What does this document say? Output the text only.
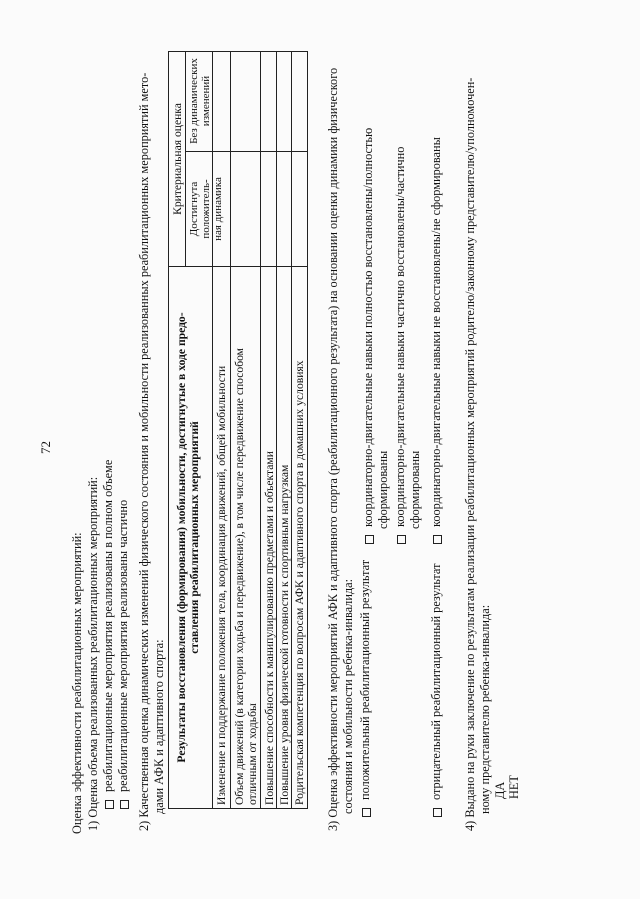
72
Оценка эффективности реабилитационных мероприятий: 1) Оценка объема реализованных реабилитационных мероприятий: реабилитационные мероприятия реализованы в полном объеме реабилитационные мероприятия реализованы частично 2) Качественная оценка динамических изменений физического состояния и мобильности реализованных реабилитационных мероприятий мето- дами АФК и адаптивного спорта: Результаты восстановления (формирования) мобильности, достигнутые в ходе предо- ставления реабилитационных мероприятий
Критериальная оценка Достигнута положитель- ная динамика
Без динамических изменений
Изменение и поддержание положения тела, координация движений, общей мобильности Объем движений (в категории ходьба и передвижение), в том числе передвижение способом отличным от ходьбы Повышение способности к манипулированию предметами и объектами Повышение уровня физической готовности к спортивным нагрузкам Родительская компетенция по вопросам АФК и адаптивного спорта в домашних условиях 3) Оценка эффективности мероприятий АФК и адаптивного спорта (реабилитационного результата) на основании оценки динамики физического состояния и мобильности ребенка-инвалида: положительный реабилитационный результат
координаторно-двигательные навыки полностью восстановлены/полностью сформированы координаторно-двигательные навыки частично восстановлены/частично сформированы
отрицательный реабилитационный результат
координаторно-двигательные навыки не восстановлены/не сформированы 4) Выдано на руки заключение по результатам реализации реабилитационных мероприятий родителю/законному представителю/уполномочен- ному представителю ребенка-инвалида: ДА НЕТ
